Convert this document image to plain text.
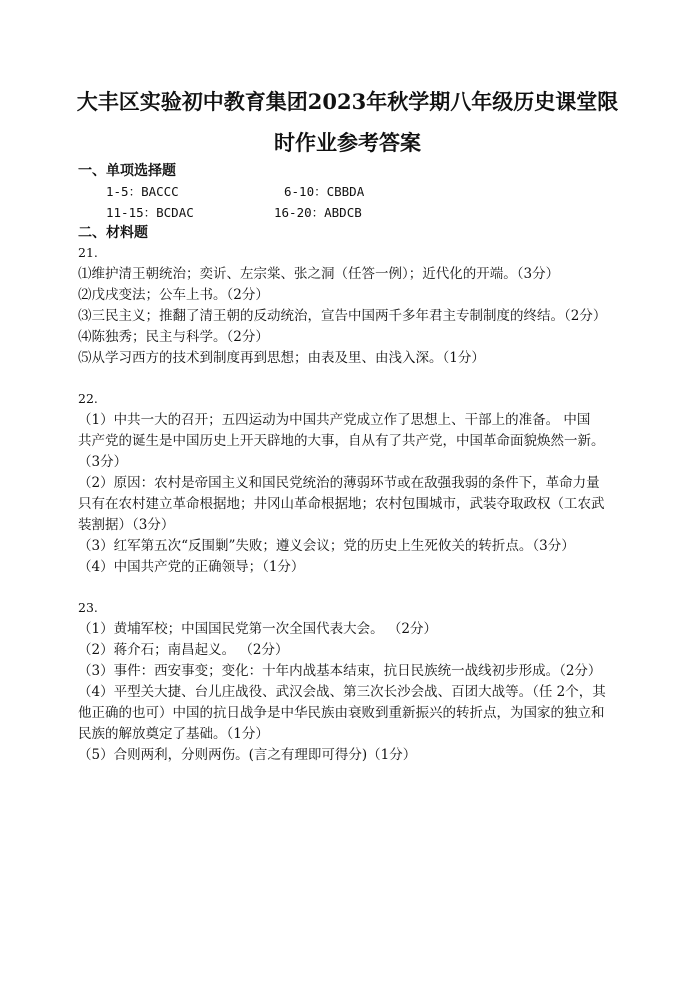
大丰区实验初中教育集团2023年秋学期八年级历史课堂限
时作业参考答案
一、单项选择题
1-5：BACCC	6-10：CBBDA
11-15：BCDAC	16-20：ABDCB
二、材料题
21.
⑴维护清王朝统治；奕䜣、左宗棠、张之洞（任答一例）；近代化的开端。（3分）
⑵戊戌变法；公车上书。（2分）
⑶三民主义；推翻了清王朝的反动统治，宣告中国两千多年君主专制制度的终结。（2分）
⑷陈独秀；民主与科学。（2分）
⑸从学习西方的技术到制度再到思想；由表及里、由浅入深。（1分）
22.
（1）中共一大的召开；五四运动为中国共产党成立作了思想上、干部上的准备。 中国
共产党的诞生是中国历史上开天辟地的大事，自从有了共产党，中国革命面貌焕然一新。
（3分）
（2）原因：农村是帝国主义和国民党统治的薄弱环节或在敌强我弱的条件下，革命力量
只有在农村建立革命根据地；井冈山革命根据地；农村包围城市，武装夺取政权（工农武
装割据）（3分）
（3）红军第五次“反围剿”失败；遵义会议；党的历史上生死攸关的转折点。（3分）
（4）中国共产党的正确领导；（1分）
23.
（1）黄埔军校；中国国民党第一次全国代表大会。 （2分）
（2）蒋介石；南昌起义。 （2分）
（3）事件：西安事变；变化：十年内战基本结束，抗日民族统一战线初步形成。（2分）
（4）平型关大捷、台儿庄战役、武汉会战、第三次长沙会战、百团大战等。（任 2个，其
他正确的也可）中国的抗日战争是中华民族由衰败到重新振兴的转折点，为国家的独立和
民族的解放奠定了基础。（1分）
（5）合则两利，分则两伤。(言之有理即可得分)（1分）
